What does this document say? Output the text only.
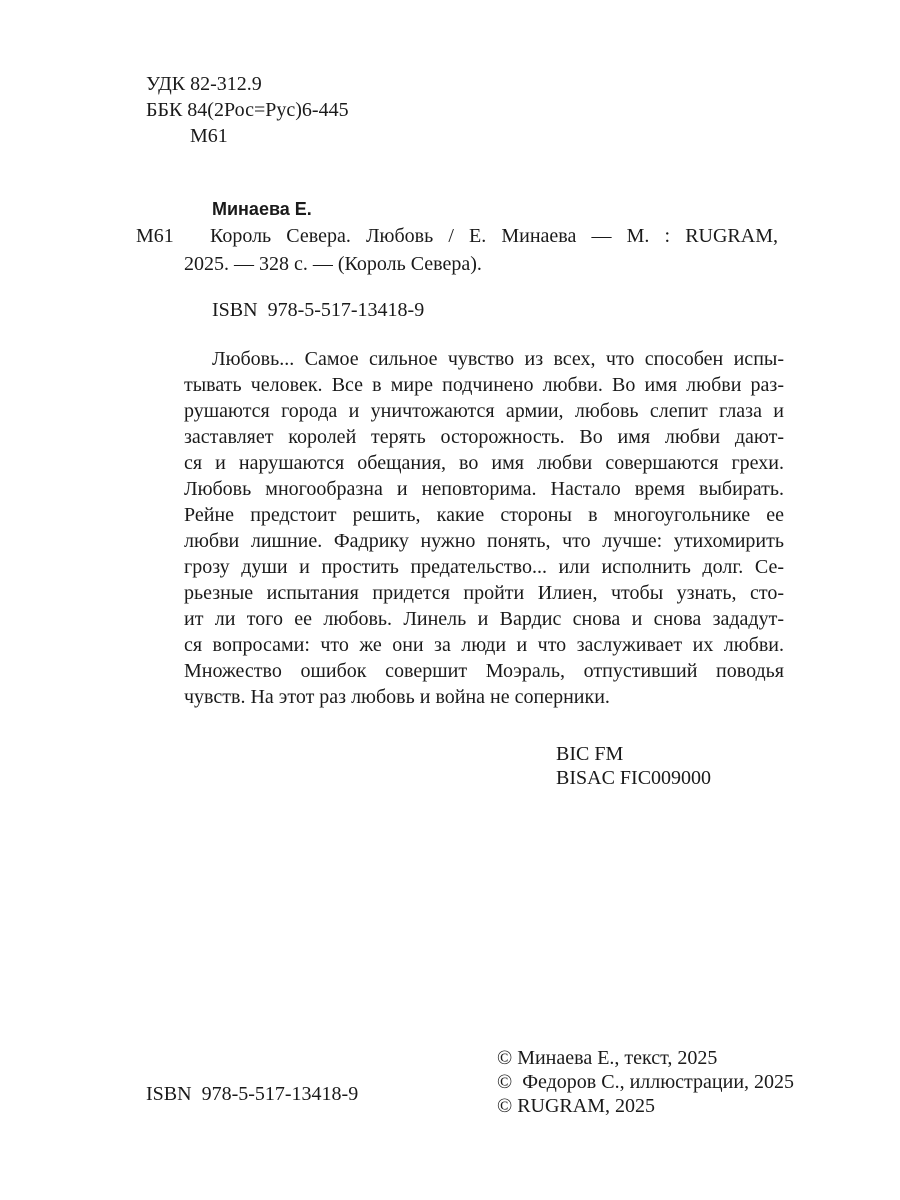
УДК 82-312.9
ББК 84(2Рос=Рус)6-445
М61
Минаева Е.
М61	Король Севера. Любовь / Е. Минаева — М. : RUGRAM,
2025. — 328 с. — (Король Севера).
ISBN  978-5-517-13418-9
Любовь... Самое сильное чувство из всех, что способен испы-
тывать человек. Все в мире подчинено любви. Во имя любви раз-
рушаются города и уничтожаются армии, любовь слепит глаза и
заставляет королей терять осторожность. Во имя любви дают-
ся и нарушаются обещания, во имя любви совершаются грехи.
Любовь многообразна и неповторима. Настало время выбирать.
Рейне предстоит решить, какие стороны в многоугольнике ее
любви лишние. Фадрику нужно понять, что лучше: утихомирить
грозу души и простить предательство... или исполнить долг. Се-
рьезные испытания придется пройти Илиен, чтобы узнать, сто-
ит ли того ее любовь. Линель и Вардис снова и снова зададут-
ся вопросами: что же они за люди и что заслуживает их любви.
Множество ошибок совершит Моэраль, отпустивший поводья
чувств. На этот раз любовь и война не соперники.
BIC FM
BISAC FIC009000
© Минаева Е., текст, 2025
©  Федоров С., иллюстрации, 2025
© RUGRAM, 2025
ISBN  978-5-517-13418-9
